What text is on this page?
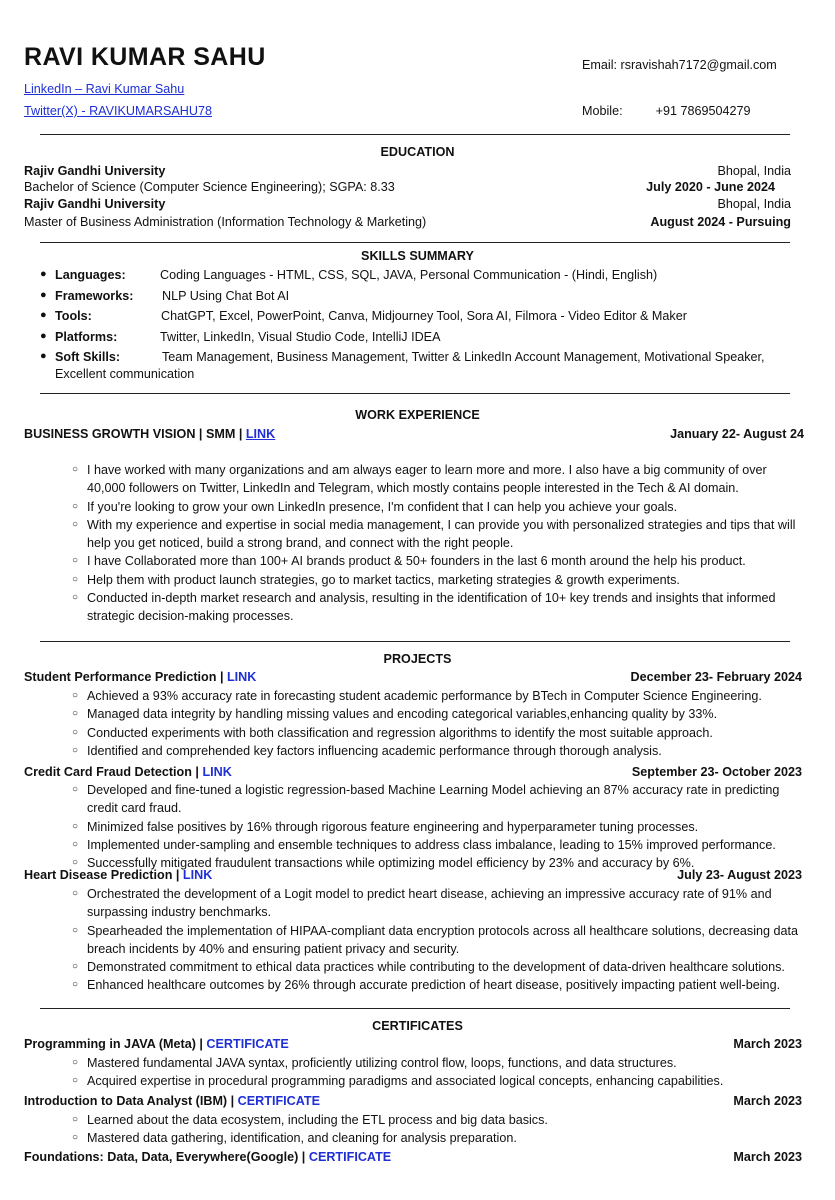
RAVI KUMAR SAHU
LinkedIn – Ravi Kumar Sahu
Twitter(X) - RAVIKUMARSAHU78
Email: rsravishah7172@gmail.com
Mobile:	+91 7869504279
EDUCATION
Rajiv Gandhi University	Bhopal, India
Bachelor of Science (Computer Science Engineering); SGPA: 8.33	July 2020 - June 2024
Rajiv Gandhi University	Bhopal, India
Master of Business Administration (Information Technology & Marketing)	August 2024 - Pursuing
SKILLS SUMMARY
● Languages:	Coding Languages - HTML, CSS, SQL, JAVA, Personal Communication - (Hindi, English)
● Frameworks: NLP Using Chat Bot AI
● Tools:	ChatGPT, Excel, PowerPoint, Canva, Midjourney Tool, Sora AI, Filmora - Video Editor & Maker
● Platforms:	Twitter, LinkedIn, Visual Studio Code, IntelliJ IDEA
● Soft Skills:	Team Management, Business Management, Twitter & LinkedIn Account Management, Motivational Speaker,
Excellent communication
WORK EXPERIENCE
BUSINESS GROWTH VISION | SMM | LINK	January 22- August 24
○ I have worked with many organizations and am always eager to learn more and more. I also have a big community of over 40,000 followers on Twitter, LinkedIn and Telegram, which mostly contains people interested in the Tech & AI domain.
○ If you're looking to grow your own LinkedIn presence, I'm confident that I can help you achieve your goals.
○ With my experience and expertise in social media management, I can provide you with personalized strategies and tips that will help you get noticed, build a strong brand, and connect with the right people.
○ I have Collaborated more than 100+ AI brands product & 50+ founders in the last 6 month around the help his product.
○ Help them with product launch strategies, go to market tactics, marketing strategies & growth experiments.
○ Conducted in-depth market research and analysis, resulting in the identification of 10+ key trends and insights that informed strategic decision-making processes.
PROJECTS
Student Performance Prediction | LINK	December 23- February 2024
○ Achieved a 93% accuracy rate in forecasting student academic performance by BTech in Computer Science Engineering.
○ Managed data integrity by handling missing values and encoding categorical variables,enhancing quality by 33%.
○ Conducted experiments with both classification and regression algorithms to identify the most suitable approach.
○ Identified and comprehended key factors influencing academic performance through thorough analysis.
Credit Card Fraud Detection | LINK	September 23- October 2023
○ Developed and fine-tuned a logistic regression-based Machine Learning Model achieving an 87% accuracy rate in predicting credit card fraud.
○ Minimized false positives by 16% through rigorous feature engineering and hyperparameter tuning processes.
○ Implemented under-sampling and ensemble techniques to address class imbalance, leading to 15% improved performance.
○ Successfully mitigated fraudulent transactions while optimizing model efficiency by 23% and accuracy by 6%.
Heart Disease Prediction | LINK	July 23- August 2023
○ Orchestrated the development of a Logit model to predict heart disease, achieving an impressive accuracy rate of 91% and surpassing industry benchmarks.
○ Spearheaded the implementation of HIPAA-compliant data encryption protocols across all healthcare solutions, decreasing data breach incidents by 40% and ensuring patient privacy and security.
○ Demonstrated commitment to ethical data practices while contributing to the development of data-driven healthcare solutions.
○ Enhanced healthcare outcomes by 26% through accurate prediction of heart disease, positively impacting patient well-being.
CERTIFICATES
Programming in JAVA (Meta) | CERTIFICATE	March 2023
○ Mastered fundamental JAVA syntax, proficiently utilizing control flow, loops, functions, and data structures.
○ Acquired expertise in procedural programming paradigms and associated logical concepts, enhancing capabilities.
Introduction to Data Analyst (IBM) | CERTIFICATE	March 2023
○ Learned about the data ecosystem, including the ETL process and big data basics.
○ Mastered data gathering, identification, and cleaning for analysis preparation.
Foundations: Data, Data, Everywhere(Google) | CERTIFICATE	March 2023
